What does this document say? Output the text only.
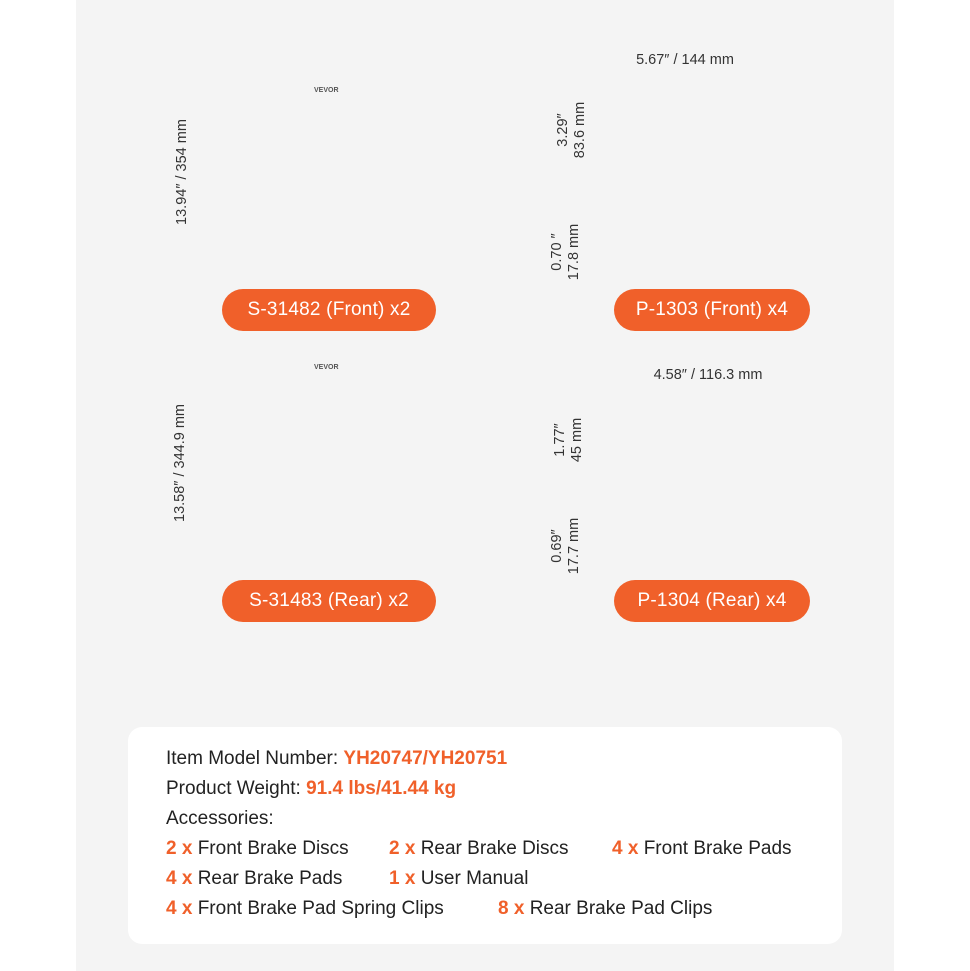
13.94″ / 354 mm
VEVOR
S-31482 (Front) x2
5.67″ / 144 mm
3.29″ 83.6 mm
0.70 ″ 17.8 mm
P-1303 (Front) x4
13.58″ / 344.9 mm
VEVOR
S-31483 (Rear) x2
4.58″ / 116.3 mm
1.77″ 45 mm
0.69″ 17.7 mm
P-1304 (Rear) x4
Item Model Number: YH20747/YH20751
Product Weight: 91.4 lbs/41.44 kg
Accessories:
2 x Front Brake Discs 2 x Rear Brake Discs 4 x Front Brake Pads
4 x Rear Brake Pads 1 x User Manual
4 x Front Brake Pad Spring Clips	8 x Rear Brake Pad Clips
